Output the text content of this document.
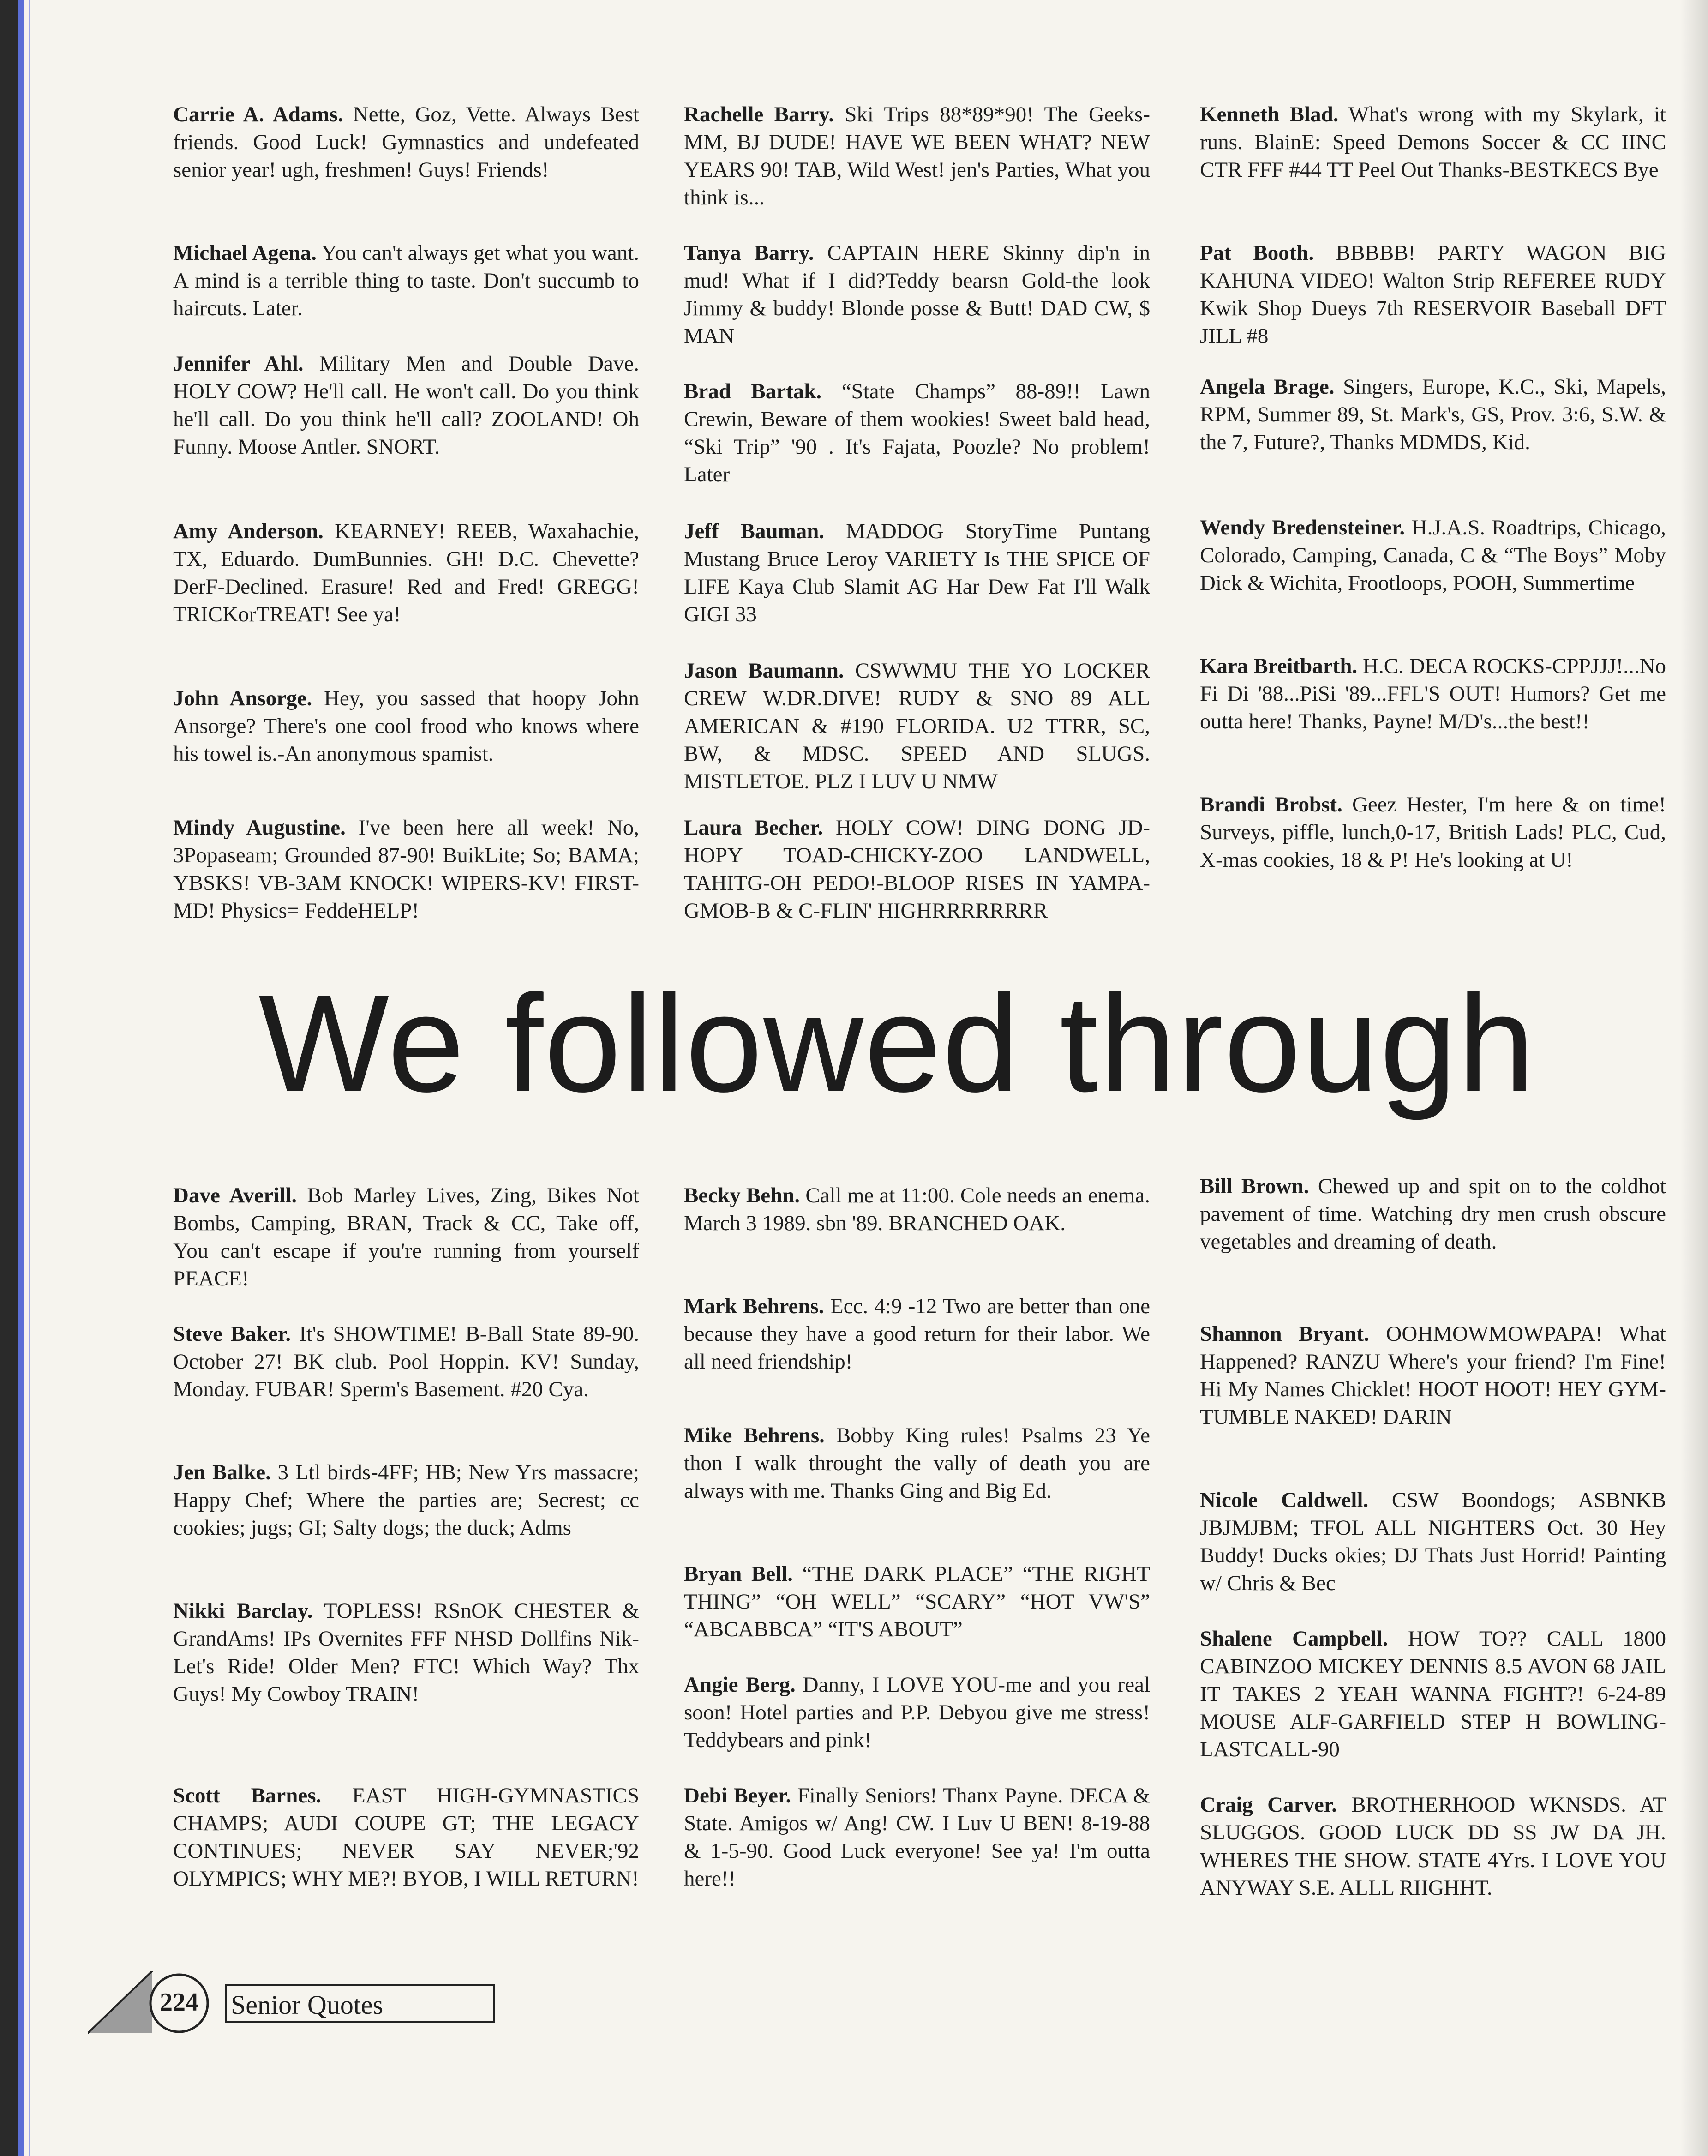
Carrie A. Adams. Nette, Goz, Vette. Always Best friends. Good Luck! Gymnastics and undefeated senior year! ugh, freshmen! Guys! Friends!

Michael Agena. You can't always get what you want. A mind is a terrible thing to taste. Don't succumb to haircuts. Later.

Jennifer Ahl. Military Men and Double Dave. HOLY COW? He'll call. He won't call. Do you think he'll call. Do you think he'll call? ZOOLAND! Oh Funny. Moose Antler. SNORT.

Amy Anderson. KEARNEY! REEB, Waxahachie, TX, Eduardo. DumBunnies. GH! D.C. Chevette? DerF-Declined. Erasure! Red and Fred! GREGG! TRICKorTREAT! See ya!

John Ansorge. Hey, you sassed that hoopy John Ansorge? There's one cool frood who knows where his towel is.-An anonymous spamist.

Mindy Augustine. I've been here all week! No, 3Popaseam; Grounded 87-90! BuikLite; So; BAMA; YBSKS! VB-3AM KNOCK! WIPERS-KV! FIRST-MD! Physics= FeddeHELP!

Rachelle Barry. Ski Trips 88*89*90! The Geeks-MM, BJ DUDE! HAVE WE BEEN WHAT? NEW YEARS 90! TAB, Wild West! jen's Parties, What you think is...

Tanya Barry. CAPTAIN HERE Skinny dip'n in mud! What if I did?Teddy bearsn Gold-the look Jimmy & buddy! Blonde posse & Butt! DAD CW, $ MAN

Brad Bartak. “State Champs” 88-89!! Lawn Crewin, Beware of them wookies! Sweet bald head, “Ski Trip” '90 . It's Fajata, Poozle? No problem! Later

Jeff Bauman. MADDOG StoryTime Puntang Mustang Bruce Leroy VARIETY Is THE SPICE OF LIFE Kaya Club Slamit AG Har Dew Fat I'll Walk GIGI 33

Jason Baumann. CSWWMU THE YO LOCKER CREW W.DR.DIVE! RUDY & SNO 89 ALL AMERICAN & #190 FLORIDA. U2 TTRR, SC, BW, & MDSC. SPEED AND SLUGS. MISTLETOE. PLZ I LUV U NMW

Laura Becher. HOLY COW! DING DONG JD-HOPY TOAD-CHICKY-ZOO LANDWELL, TAHITG-OH PEDO!-BLOOP RISES IN YAMPA-GMOB-B & C-FLIN' HIGHRRRRRRRR

Kenneth Blad. What's wrong with my Skylark, it runs. BlainE: Speed Demons Soccer & CC IINC CTR FFF #44 TT Peel Out Thanks-BESTKECS Bye

Pat Booth. BBBBB! PARTY WAGON BIG KAHUNA VIDEO! Walton Strip REFEREE RUDY Kwik Shop Dueys 7th RESERVOIR Baseball DFT JILL #8

Angela Brage. Singers, Europe, K.C., Ski, Mapels, RPM, Summer 89, St. Mark's, GS, Prov. 3:6, S.W. & the 7, Future?, Thanks MDMDS, Kid.

Wendy Bredensteiner. H.J.A.S. Roadtrips, Chicago, Colorado, Camping, Canada, C & “The Boys” Moby Dick & Wichita, Frootloops, POOH, Summertime

Kara Breitbarth. H.C. DECA ROCKS-CPPJJJ!...No Fi Di '88...PiSi '89...FFL'S OUT! Humors? Get me outta here! Thanks, Payne! M/D's...the best!!

Brandi Brobst. Geez Hester, I'm here & on time! Surveys, piffle, lunch,0-17, British Lads! PLC, Cud, X-mas cookies, 18 & P! He's looking at U!

We followed through

Dave Averill. Bob Marley Lives, Zing, Bikes Not Bombs, Camping, BRAN, Track & CC, Take off, You can't escape if you're running from yourself PEACE!

Steve Baker. It's SHOWTIME! B-Ball State 89-90. October 27! BK club. Pool Hoppin. KV! Sunday, Monday. FUBAR! Sperm's Basement. #20 Cya.

Jen Balke. 3 Ltl birds-4FF; HB; New Yrs massacre; Happy Chef; Where the parties are; Secrest; cc cookies; jugs; GI; Salty dogs; the duck; Adms

Nikki Barclay. TOPLESS! RSnOK CHESTER & GrandAms! IPs Overnites FFF NHSD Dollfins Nik- Let's Ride! Older Men? FTC! Which Way? Thx Guys! My Cowboy TRAIN!

Scott Barnes. EAST HIGH-GYMNASTICS CHAMPS; AUDI COUPE GT; THE LEGACY CONTINUES; NEVER SAY NEVER;'92 OLYMPICS; WHY ME?! BYOB, I WILL RETURN!

Becky Behn. Call me at 11:00. Cole needs an enema. March 3 1989. sbn '89. BRANCHED OAK.

Mark Behrens. Ecc. 4:9 -12 Two are better than one because they have a good return for their labor. We all need friendship!

Mike Behrens. Bobby King rules! Psalms 23 Ye thon I walk throught the vally of death you are always with me. Thanks Ging and Big Ed.

Bryan Bell. “THE DARK PLACE” “THE RIGHT THING” “OH WELL” “SCARY” “HOT VW'S” “ABCABBCA” “IT'S ABOUT”

Angie Berg. Danny, I LOVE YOU-me and you real soon! Hotel parties and P.P. Debyou give me stress! Teddybears and pink!

Debi Beyer. Finally Seniors! Thanx Payne. DECA & State. Amigos w/ Ang! CW. I Luv U BEN! 8-19-88 & 1-5-90. Good Luck everyone! See ya! I'm outta here!!

Bill Brown. Chewed up and spit on to the coldhot pavement of time. Watching dry men crush obscure vegetables and dreaming of death.

Shannon Bryant. OOHMOWMOWPAPA! What Happened? RANZU Where's your friend? I'm Fine! Hi My Names Chicklet! HOOT HOOT! HEY GYM-TUMBLE NAKED! DARIN

Nicole Caldwell. CSW Boondogs; ASBNKB JBJMJBM; TFOL ALL NIGHTERS Oct. 30 Hey Buddy! Ducks okies; DJ Thats Just Horrid! Painting w/ Chris & Bec

Shalene Campbell. HOW TO?? CALL 1800 CABINZOO MICKEY DENNIS 8.5 AVON 68 JAIL IT TAKES 2 YEAH WANNA FIGHT?! 6-24-89 MOUSE ALF-GARFIELD STEP H BOWLING-LASTCALL-90

Craig Carver. BROTHERHOOD WKNSDS. AT SLUGGOS. GOOD LUCK DD SS JW DA JH. WHERES THE SHOW. STATE 4Yrs. I LOVE YOU ANYWAY S.E. ALLL RIIGHHT.

224	Senior Quotes
